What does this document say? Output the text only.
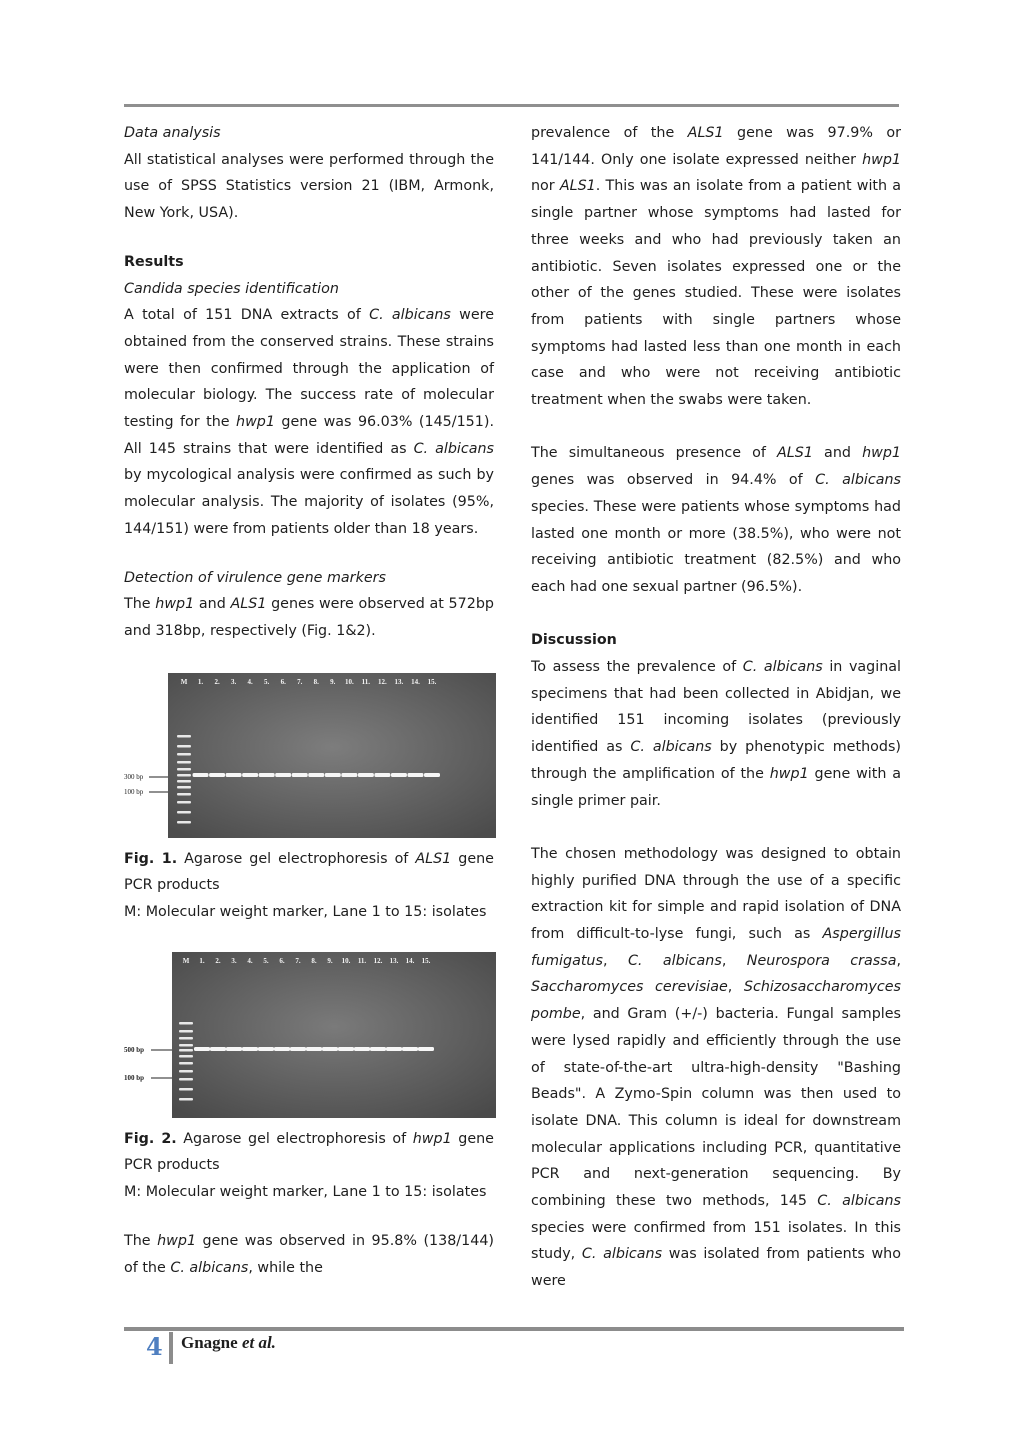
Data analysis

All statistical analyses were performed through the use of SPSS Statistics version 21 (IBM, Armonk, New York, USA).

Results

Candida species identification

A total of 151 DNA extracts of C. albicans were obtained from the conserved strains. These strains were then confirmed through the application of molecular biology. The success rate of molecular testing for the hwp1 gene was 96.03% (145/151). All 145 strains that were identified as C. albicans by mycological analysis were confirmed as such by molecular analysis. The majority of isolates (95%, 144/151) were from patients older than 18 years.

Detection of virulence gene markers

The hwp1 and ALS1 genes were observed at 572bp and 318bp, respectively (Fig. 1&2).

300 bp
100 bp
M 1. 2. 3. 4. 5. 6. 7. 8. 9. 10. 11. 12. 13. 14. 15.

Fig. 1. Agarose gel electrophoresis of ALS1 gene PCR products

M: Molecular weight marker, Lane 1 to 15: isolates

500 bp
100 bp
M 1. 2. 3. 4. 5. 6. 7. 8. 9. 10. 11. 12. 13. 14. 15.

Fig. 2. Agarose gel electrophoresis of hwp1 gene PCR products

M: Molecular weight marker, Lane 1 to 15: isolates

The hwp1 gene was observed in 95.8% (138/144) of the C. albicans, while the

prevalence of the ALS1 gene was 97.9% or 141/144. Only one isolate expressed neither hwp1 nor ALS1. This was an isolate from a patient with a single partner whose symptoms had lasted for three weeks and who had previously taken an antibiotic. Seven isolates expressed one or the other of the genes studied. These were isolates from patients with single partners whose symptoms had lasted less than one month in each case and who were not receiving antibiotic treatment when the swabs were taken.

The simultaneous presence of ALS1 and hwp1 genes was observed in 94.4% of C. albicans species. These were patients whose symptoms had lasted one month or more (38.5%), who were not receiving antibiotic treatment (82.5%) and who each had one sexual partner (96.5%).

Discussion

To assess the prevalence of C. albicans in vaginal specimens that had been collected in Abidjan, we identified 151 incoming isolates (previously identified as C. albicans by phenotypic methods) through the amplification of the hwp1 gene with a single primer pair.

The chosen methodology was designed to obtain highly purified DNA through the use of a specific extraction kit for simple and rapid isolation of DNA from difficult-to-lyse fungi, such as Aspergillus fumigatus, C. albicans, Neurospora crassa, Saccharomyces cerevisiae, Schizosaccharomyces pombe, and Gram (+/-) bacteria. Fungal samples were lysed rapidly and efficiently through the use of state-of-the-art ultra-high-density "Bashing Beads". A Zymo-Spin column was then used to isolate DNA. This column is ideal for downstream molecular applications including PCR, quantitative PCR and next-generation sequencing. By combining these two methods, 145 C. albicans species were confirmed from 151 isolates. In this study, C. albicans was isolated from patients who were

4 Gnagne et al.
